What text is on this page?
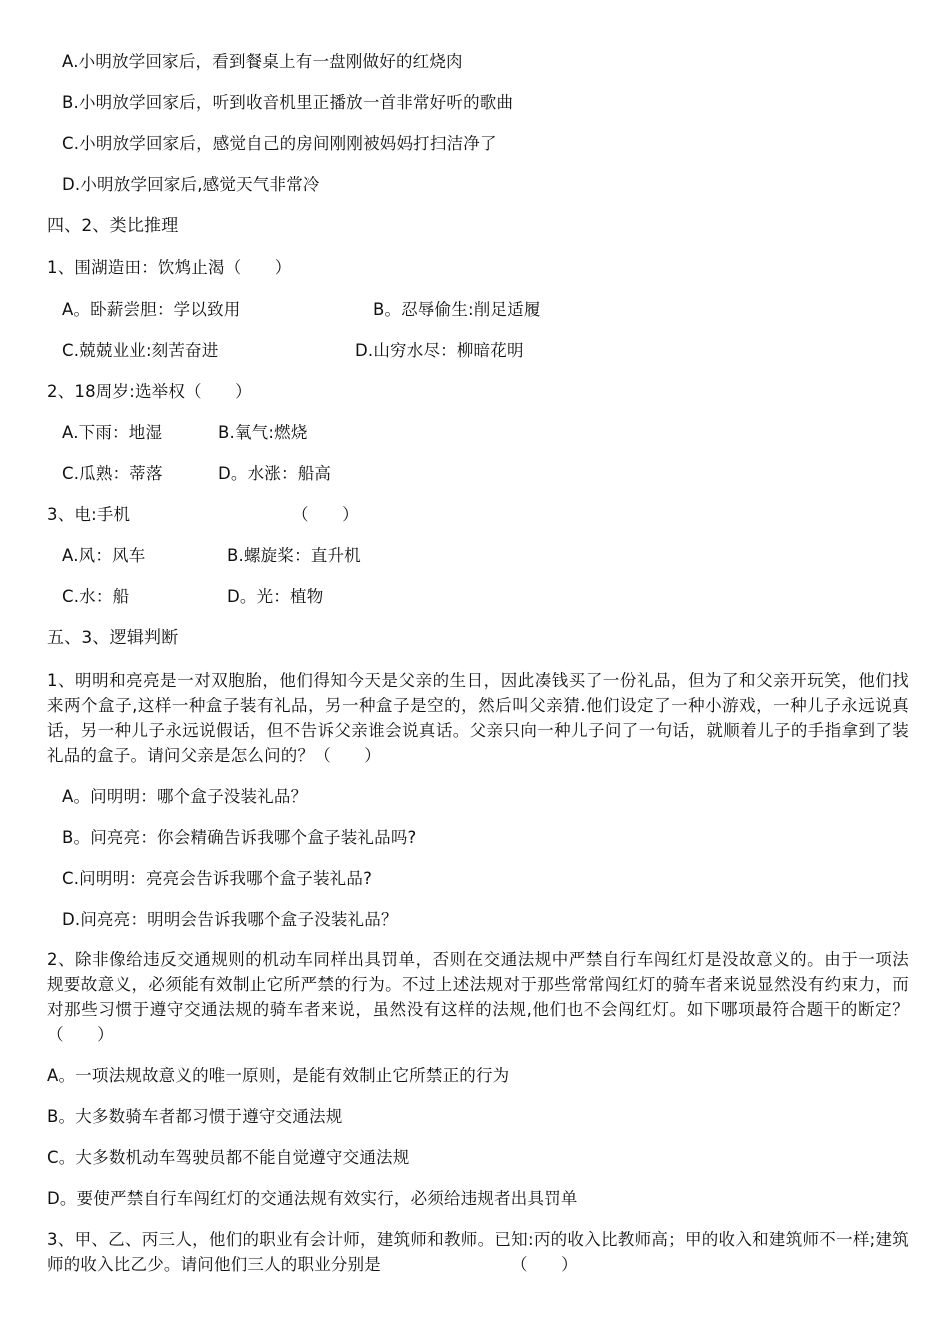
A.小明放学回家后，看到餐桌上有一盘刚做好的红烧肉
B.小明放学回家后，听到收音机里正播放一首非常好听的歌曲
C.小明放学回家后，感觉自己的房间刚刚被妈妈打扫洁净了
D.小明放学回家后,感觉天气非常冷
四、2、类比推理
1、围湖造田：饮鸩止渴（　　）
A。卧薪尝胆：学以致用	B。忍辱偷生:削足适履
C.兢兢业业:刻苦奋进	D.山穷水尽：柳暗花明
2、18周岁:选举权（　　）
A.下雨：地湿	B.氧气:燃烧
C.瓜熟：蒂落	D。水涨：船高
3、电:手机	（　　）
A.风：风车	B.螺旋桨：直升机
C.水：船	D。光：植物
五、3、逻辑判断
1、明明和亮亮是一对双胞胎，他们得知今天是父亲的生日，因此凑钱买了一份礼品，但为了和父亲开玩笑，他们找来两个盒子,这样一种盒子装有礼品，另一种盒子是空的，然后叫父亲猜.他们设定了一种小游戏，一种儿子永远说真话，另一种儿子永远说假话，但不告诉父亲谁会说真话。父亲只向一种儿子问了一句话，就顺着儿子的手指拿到了装礼品的盒子。请问父亲是怎么问的？（　　）
A。问明明：哪个盒子没装礼品？
B。问亮亮：你会精确告诉我哪个盒子装礼品吗?
C.问明明：亮亮会告诉我哪个盒子装礼品?
D.问亮亮：明明会告诉我哪个盒子没装礼品？
2、除非像给违反交通规则的机动车同样出具罚单，否则在交通法规中严禁自行车闯红灯是没故意义的。由于一项法规要故意义，必须能有效制止它所严禁的行为。不过上述法规对于那些常常闯红灯的骑车者来说显然没有约束力，而对那些习惯于遵守交通法规的骑车者来说，虽然没有这样的法规,他们也不会闯红灯。如下哪项最符合题干的断定？（　　）
A。一项法规故意义的唯一原则，是能有效制止它所禁正的行为
B。大多数骑车者都习惯于遵守交通法规
C。大多数机动车驾驶员都不能自觉遵守交通法规
D。要使严禁自行车闯红灯的交通法规有效实行，必须给违规者出具罚单
3、甲、乙、丙三人，他们的职业有会计师，建筑师和教师。已知:丙的收入比教师高；甲的收入和建筑师不一样;建筑师的收入比乙少。请问他们三人的职业分别是	（　　）
